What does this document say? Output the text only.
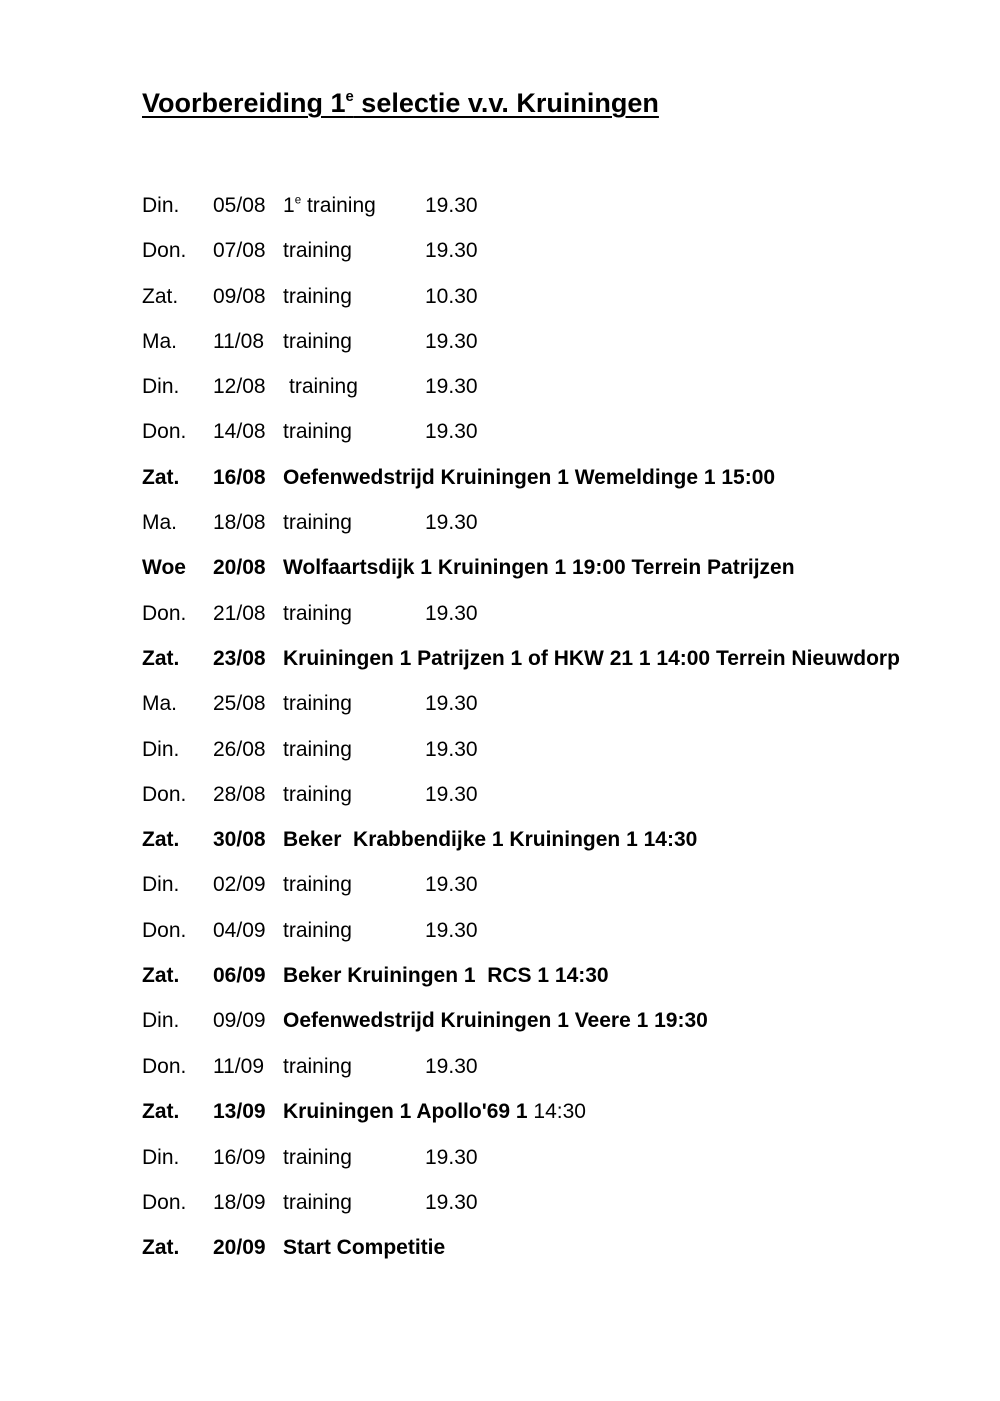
Voorbereiding 1e selectie v.v. Kruiningen
Din. 05/08 1e training 19.30
Don. 07/08 training	19.30
Zat. 09/08 training	10.30
Ma. 11/08 training	19.30
Din. 12/08 training	19.30
Don. 14/08 training	19.30
Zat. 16/08 Oefenwedstrijd Kruiningen 1 Wemeldinge 1 15:00
Ma. 18/08 training	19.30
Woe 20/08 Wolfaartsdijk 1 Kruiningen 1 19:00 Terrein Patrijzen
Don. 21/08 training	19.30
Zat. 23/08 Kruiningen 1 Patrijzen 1 of HKW 21 1 14:00 Terrein Nieuwdorp
Ma. 25/08 training	19.30
Din. 26/08 training	19.30
Don. 28/08 training	19.30
Zat. 30/08 Beker  Krabbendijke 1 Kruiningen 1 14:30
Din. 02/09 training	19.30
Don. 04/09 training	19.30
Zat. 06/09 Beker Kruiningen 1  RCS 1 14:30
Din. 09/09 Oefenwedstrijd Kruiningen 1 Veere 1 19:30
Don. 11/09 training	19.30
Zat. 13/09 Kruiningen 1 Apollo'69 1 14:30
Din. 16/09 training	19.30
Don. 18/09 training	19.30
Zat. 20/09 Start Competitie
